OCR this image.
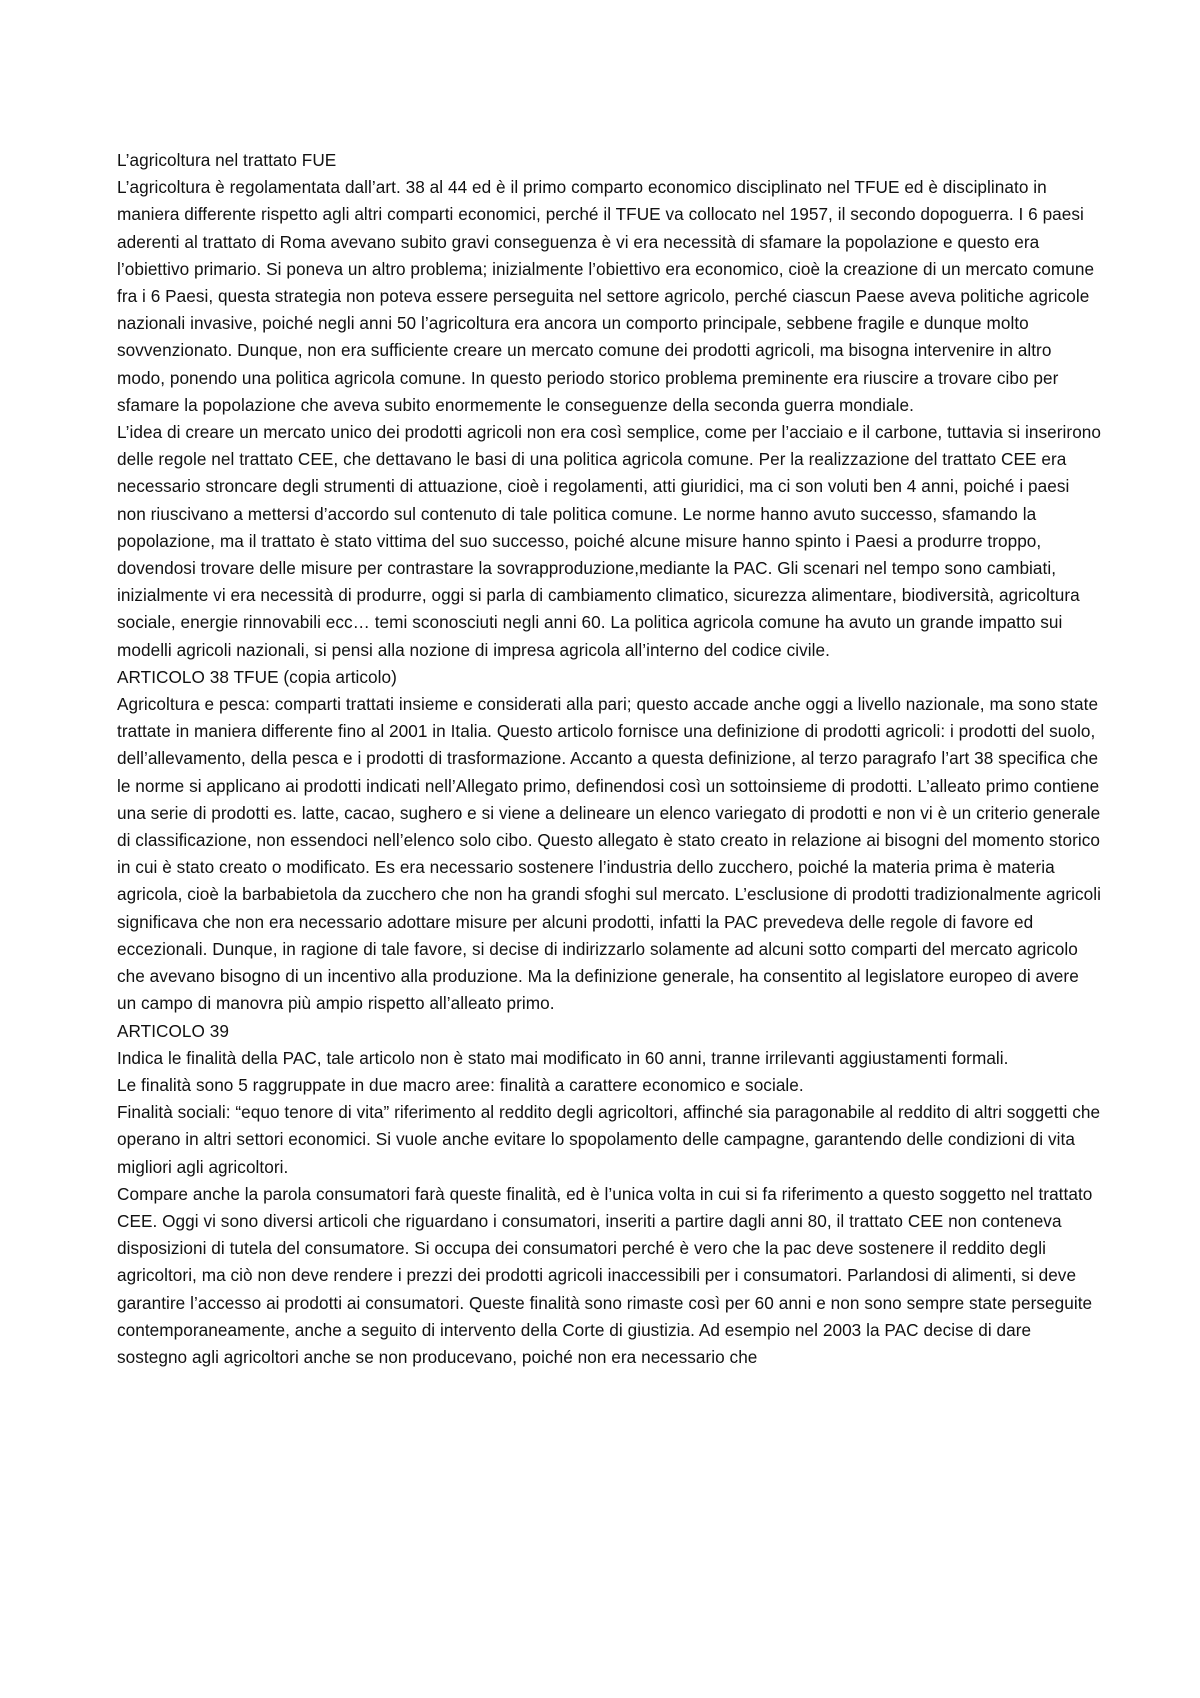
L’agricoltura nel trattato FUE

L’agricoltura è regolamentata dall’art. 38 al 44 ed è il primo comparto economico disciplinato nel TFUE ed è disciplinato in maniera differente rispetto agli altri comparti economici, perché il TFUE va collocato nel 1957, il secondo dopoguerra. I 6 paesi aderenti al trattato di Roma avevano subito gravi conseguenza è vi era necessità di sfamare la popolazione e questo era l’obiettivo primario. Si poneva un altro problema; inizialmente l’obiettivo era economico, cioè la creazione di un mercato comune fra i 6 Paesi, questa strategia non poteva essere perseguita nel settore agricolo, perché ciascun Paese aveva politiche agricole nazionali invasive, poiché negli anni 50 l’agricoltura era ancora un comporto principale, sebbene fragile e dunque molto sovvenzionato. Dunque, non era sufficiente creare un mercato comune dei prodotti agricoli, ma bisogna intervenire in altro modo, ponendo una politica agricola comune. In questo periodo storico problema preminente era riuscire a trovare cibo per sfamare la popolazione che aveva subito enormemente le conseguenze della seconda guerra mondiale.

L’idea di creare un mercato unico dei prodotti agricoli non era così semplice, come per l’acciaio e il carbone, tuttavia si inserirono delle regole nel trattato CEE, che dettavano le basi di una politica agricola comune. Per la realizzazione del trattato CEE era necessario stroncare degli strumenti di attuazione, cioè i regolamenti, atti giuridici, ma ci son voluti ben 4 anni, poiché i paesi non riuscivano a mettersi d’accordo sul contenuto di tale politica comune. Le norme hanno avuto successo, sfamando la popolazione, ma il trattato è stato vittima del suo successo, poiché alcune misure hanno spinto i Paesi a produrre troppo, dovendosi trovare delle misure per contrastare la sovrapproduzione,mediante la PAC. Gli scenari nel tempo sono cambiati, inizialmente vi era necessità di produrre, oggi si parla di cambiamento climatico, sicurezza alimentare, biodiversità, agricoltura sociale, energie rinnovabili ecc… temi sconosciuti negli anni 60. La politica agricola comune ha avuto un grande impatto sui modelli agricoli nazionali, si pensi alla nozione di impresa agricola all’interno del codice civile.

ARTICOLO 38 TFUE (copia articolo)

Agricoltura e pesca: comparti trattati insieme e considerati alla pari; questo accade anche oggi a livello nazionale, ma sono state trattate in maniera differente fino al 2001 in Italia. Questo articolo fornisce una definizione di prodotti agricoli: i prodotti del suolo, dell’allevamento, della pesca e i prodotti di trasformazione. Accanto a questa definizione, al terzo paragrafo l’art 38 specifica che le norme si applicano ai prodotti indicati nell’Allegato primo, definendosi così un sottoinsieme di prodotti. L’alleato primo contiene una serie di prodotti es. latte, cacao, sughero e si viene a delineare un elenco variegato di prodotti e non vi è un criterio generale di classificazione, non essendoci nell’elenco solo cibo. Questo allegato è stato creato in relazione ai bisogni del momento storico in cui è stato creato o modificato. Es era necessario sostenere l’industria dello zucchero, poiché la materia prima è materia agricola, cioè la barbabietola da zucchero che non ha grandi sfoghi sul mercato. L’esclusione di prodotti tradizionalmente agricoli significava che non era necessario adottare misure per alcuni prodotti, infatti la PAC prevedeva delle regole di favore ed eccezionali. Dunque, in ragione di tale favore, si decise di indirizzarlo solamente ad alcuni sotto comparti del mercato agricolo che avevano bisogno di un incentivo alla produzione. Ma la definizione generale, ha consentito al legislatore europeo di avere un campo di manovra più ampio rispetto all’alleato primo.

ARTICOLO 39

Indica le finalità della PAC, tale articolo non è stato mai modificato in 60 anni, tranne irrilevanti aggiustamenti formali.

Le finalità sono 5 raggruppate in due macro aree: finalità a carattere economico e sociale.

Finalità sociali: “equo tenore di vita” riferimento al reddito degli agricoltori, affinché sia paragonabile al reddito di altri soggetti che operano in altri settori economici. Si vuole anche evitare lo spopolamento delle campagne, garantendo delle condizioni di vita migliori agli agricoltori.

Compare anche la parola consumatori farà queste finalità, ed è l’unica volta in cui si fa riferimento a questo soggetto nel trattato CEE. Oggi vi sono diversi articoli che riguardano i consumatori, inseriti a partire dagli anni 80, il trattato CEE non conteneva disposizioni di tutela del consumatore. Si occupa dei consumatori perché è vero che la pac deve sostenere il reddito degli agricoltori, ma ciò non deve rendere i prezzi dei prodotti agricoli inaccessibili per i consumatori. Parlandosi di alimenti, si deve garantire l’accesso ai prodotti ai consumatori. Queste finalità sono rimaste così per 60 anni e non sono sempre state perseguite contemporaneamente, anche a seguito di intervento della Corte di giustizia. Ad esempio nel 2003 la PAC decise di dare sostegno agli agricoltori anche se non producevano, poiché non era necessario che
